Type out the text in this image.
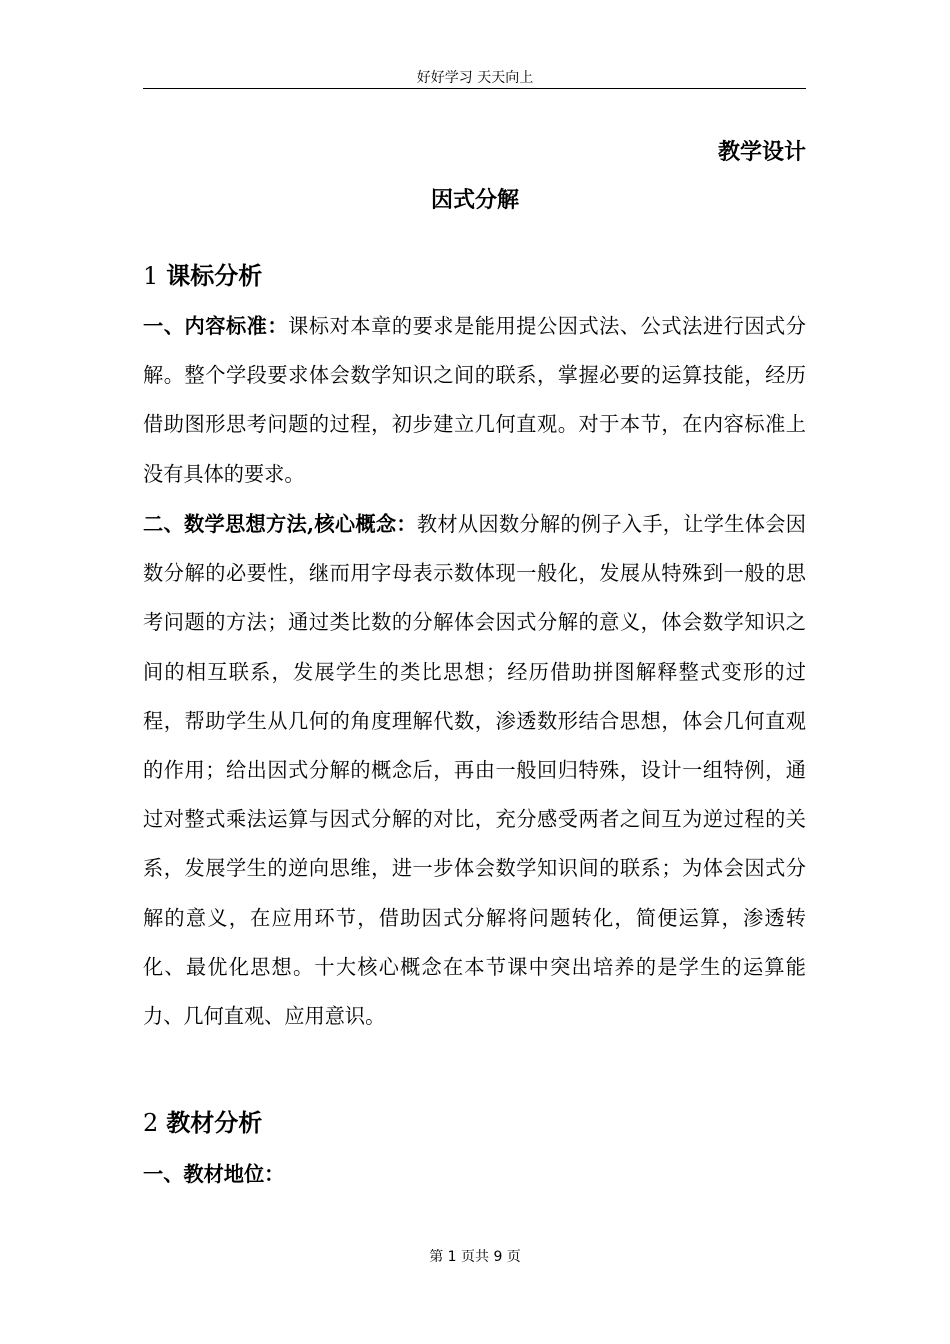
好好学习 天天向上
教学设计
因式分解
1 课标分析

一、内容标准：课标对本章的要求是能用提公因式法、公式法进行因式分解。整个学段要求体会数学知识之间的联系，掌握必要的运算技能，经历借助图形思考问题的过程，初步建立几何直观。对于本节，在内容标准上没有具体的要求。

二、数学思想方法,核心概念：教材从因数分解的例子入手，让学生体会因数分解的必要性，继而用字母表示数体现一般化，发展从特殊到一般的思考问题的方法；通过类比数的分解体会因式分解的意义，体会数学知识之间的相互联系，发展学生的类比思想；经历借助拼图解释整式变形的过程，帮助学生从几何的角度理解代数，渗透数形结合思想，体会几何直观的作用；给出因式分解的概念后，再由一般回归特殊，设计一组特例，通过对整式乘法运算与因式分解的对比，充分感受两者之间互为逆过程的关系，发展学生的逆向思维，进一步体会数学知识间的联系；为体会因式分解的意义，在应用环节，借助因式分解将问题转化，简便运算，渗透转化、最优化思想。十大核心概念在本节课中突出培养的是学生的运算能力、几何直观、应用意识。

2 教材分析

一、教材地位：

第 1 页共 9 页
